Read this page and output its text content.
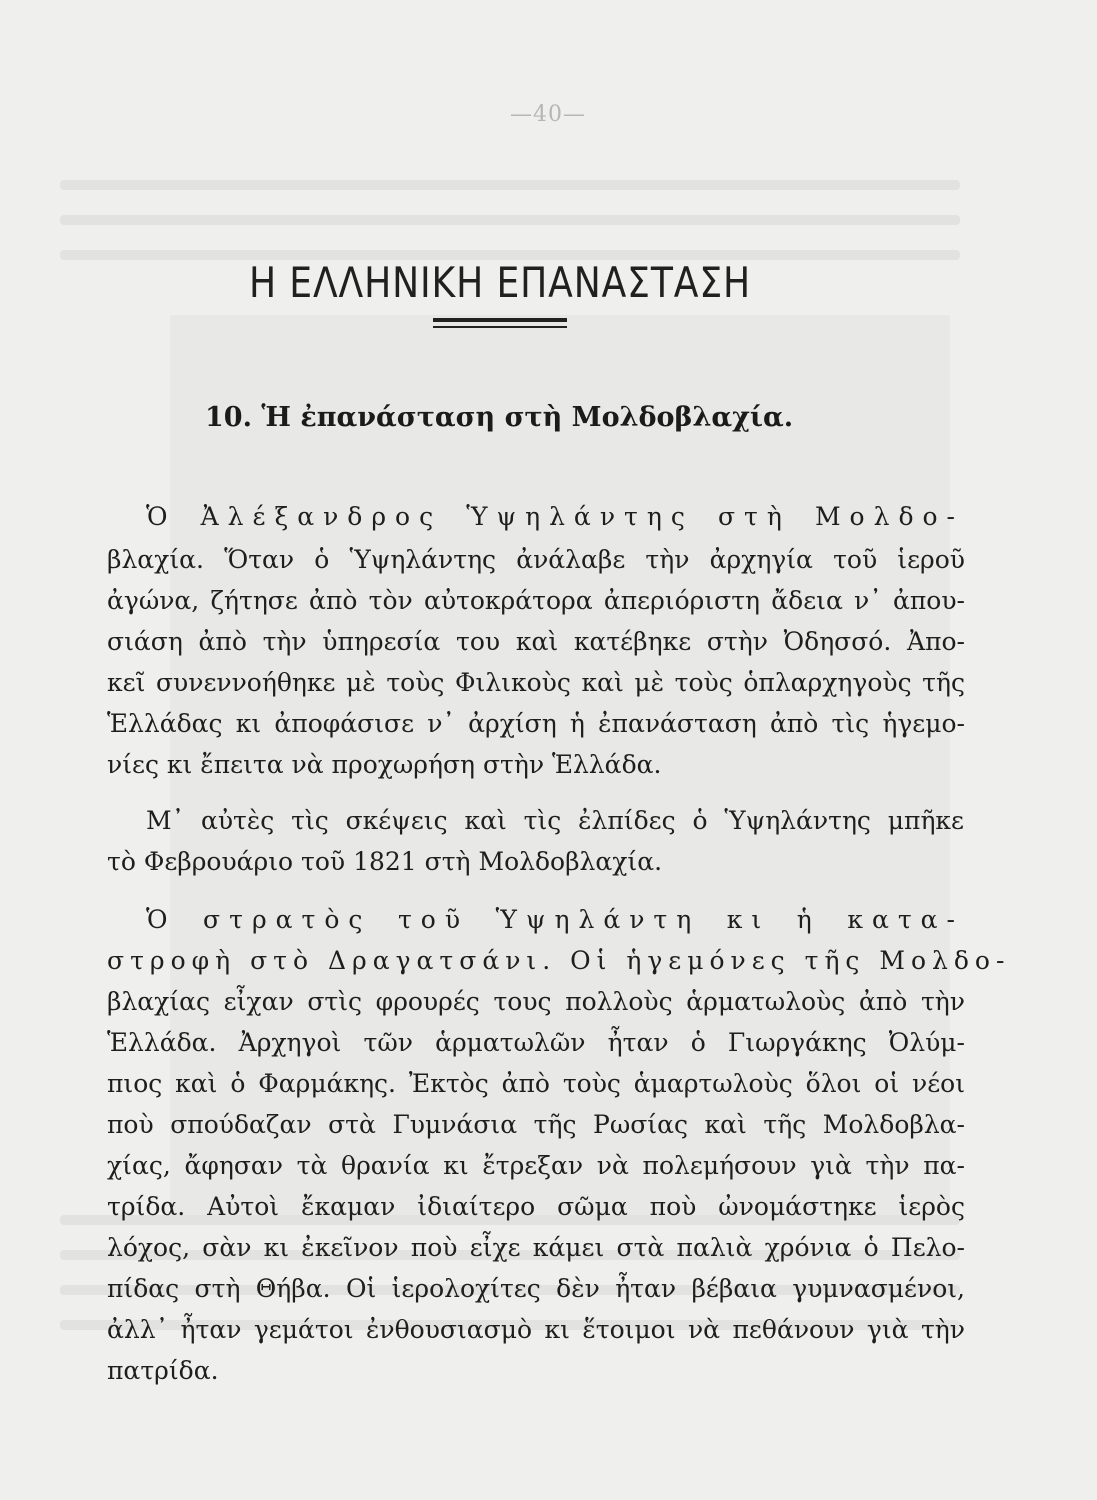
—40—
Η ΕΛΛΗΝΙΚΗ ΕΠΑΝΑΣΤΑΣΗ
10. Ἡ ἐπανάσταση στὴ Μολδοβλαχία.
Ὁ Ἀλέξανδρος Ὑψηλάντης στὴ Μολδο-
βλαχία. Ὅταν ὁ Ὑψηλάντης ἀνάλαβε τὴν ἀρχηγία τοῦ ἱεροῦ
ἀγώνα, ζήτησε ἀπὸ τὸν αὐτοκράτορα ἀπεριόριστη ἄδεια ν᾽ ἀπου-
σιάση ἀπὸ τὴν ὑπηρεσία του καὶ κατέβηκε στὴν Ὀδησσό. Ἀπο-
κεῖ συνεννοήθηκε μὲ τοὺς Φιλικοὺς καὶ μὲ τοὺς ὁπλαρχηγοὺς τῆς
Ἑλλάδας κι ἀποφάσισε ν᾽ ἀρχίση ἡ ἐπανάσταση ἀπὸ τὶς ἡγεμο-
νίες κι ἔπειτα νὰ προχωρήση στὴν Ἑλλάδα.
Μ᾽ αὐτὲς τὶς σκέψεις καὶ τὶς ἐλπίδες ὁ Ὑψηλάντης μπῆκε
τὸ Φεβρουάριο τοῦ 1821 στὴ Μολδοβλαχία.
Ὁ στρατὸς τοῦ Ὑψηλάντη κι ἡ κατα-
στροφὴ στὸ Δραγατσάνι. Οἱ ἡγεμόνες τῆς Μολδο-
βλαχίας εἶχαν στὶς φρουρές τους πολλοὺς ἁρματωλοὺς ἀπὸ τὴν
Ἑλλάδα. Ἀρχηγοὶ τῶν ἁρματωλῶν ἦταν ὁ Γιωργάκης Ὀλύμ-
πιος καὶ ὁ Φαρμάκης. Ἐκτὸς ἀπὸ τοὺς ἁμαρτωλοὺς ὅλοι οἱ νέοι
ποὺ σπούδαζαν στὰ Γυμνάσια τῆς Ρωσίας καὶ τῆς Μολδοβλα-
χίας, ἄφησαν τὰ θρανία κι ἔτρεξαν νὰ πολεμήσουν γιὰ τὴν πα-
τρίδα. Αὐτοὶ ἔκαμαν ἰδιαίτερο σῶμα ποὺ ὠνομάστηκε ἱερὸς
λόχος, σὰν κι ἐκεῖνον ποὺ εἶχε κάμει στὰ παλιὰ χρόνια ὁ Πελο-
πίδας στὴ Θήβα. Οἱ ἱερολοχίτες δὲν ἦταν βέβαια γυμνασμένοι,
ἀλλ᾽ ἦταν γεμάτοι ἐνθουσιασμὸ κι ἕτοιμοι νὰ πεθάνουν γιὰ τὴν
πατρίδα.
